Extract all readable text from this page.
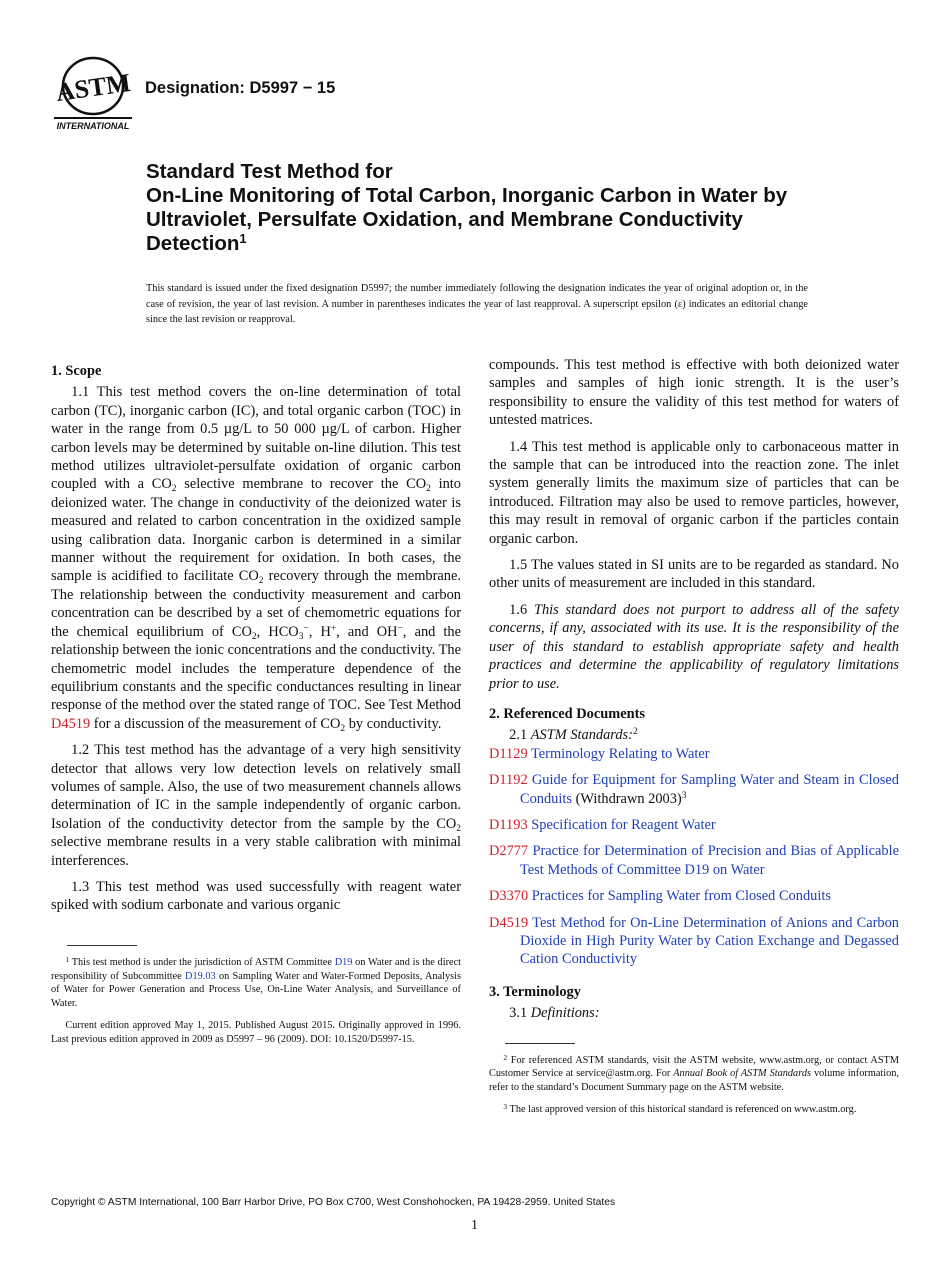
ASTM
INTERNATIONAL
Designation: D5997 − 15
Standard Test Method for
On-Line Monitoring of Total Carbon, Inorganic Carbon in Water by Ultraviolet, Persulfate Oxidation, and Membrane Conductivity Detection$^1$
This standard is issued under the fixed designation D5997; the number immediately following the designation indicates the year of original adoption or, in the case of revision, the year of last revision. A number in parentheses indicates the year of last reapproval. A superscript epsilon (ε) indicates an editorial change since the last revision or reapproval.
1. Scope

1.1 This test method covers the on-line determination of total carbon (TC), inorganic carbon (IC), and total organic carbon (TOC) in water in the range from 0.5 µg/L to 50 000 µg/L of carbon. Higher carbon levels may be determined by suitable on-line dilution. This test method utilizes ultraviolet-persulfate oxidation of organic carbon coupled with a $CO_2$ selective membrane to recover the $CO_2$ into deionized water. The change in conductivity of the deionized water is measured and related to carbon concentration in the oxidized sample using calibration data. Inorganic carbon is determined in a similar manner without the requirement for oxidation. In both cases, the sample is acidified to facilitate $CO_2$ recovery through the membrane. The relationship between the conductivity measurement and carbon concentration can be described by a set of chemometric equations for the chemical equilibrium of $CO_2$, $HCO_3^-$, H+, and OH−, and the relationship between the ionic concentrations and the conductivity. The chemometric model includes the temperature dependence of the equilibrium constants and the specific conductances resulting in linear response of the method over the stated range of TOC. See Test Method D4519 for a discussion of the measurement of $CO_2$ by conductivity.

1.2 This test method has the advantage of a very high sensitivity detector that allows very low detection levels on relatively small volumes of sample. Also, the use of two measurement channels allows determination of IC in the sample independently of organic carbon. Isolation of the conductivity detector from the sample by the $CO_2$ selective membrane results in a very stable calibration with minimal interferences.

1.3 This test method was used successfully with reagent water spiked with sodium carbonate and various organic

$^1$ This test method is under the jurisdiction of ASTM Committee D19 on Water and is the direct responsibility of Subcommittee D19.03 on Sampling Water and Water-Formed Deposits, Analysis of Water for Power Generation and Process Use, On-Line Water Analysis, and Surveillance of Water.

Current edition approved May 1, 2015. Published August 2015. Originally approved in 1996. Last previous edition approved in 2009 as D5997 – 96 (2009). DOI: 10.1520/D5997-15.

compounds. This test method is effective with both deionized water samples and samples of high ionic strength. It is the user’s responsibility to ensure the validity of this test method for waters of untested matrices.

1.4 This test method is applicable only to carbonaceous matter in the sample that can be introduced into the reaction zone. The inlet system generally limits the maximum size of particles that can be introduced. Filtration may also be used to remove particles, however, this may result in removal of organic carbon if the particles contain organic carbon.

1.5 The values stated in SI units are to be regarded as standard. No other units of measurement are included in this standard.

1.6 This standard does not purport to address all of the safety concerns, if any, associated with its use. It is the responsibility of the user of this standard to establish appropriate safety and health practices and determine the applicability of regulatory limitations prior to use.

2. Referenced Documents

2.1 ASTM Standards:$^2$

D1129 Terminology Relating to Water

D1192 Guide for Equipment for Sampling Water and Steam in Closed Conduits (Withdrawn 2003)$^3$

D1193 Specification for Reagent Water

D2777 Practice for Determination of Precision and Bias of Applicable Test Methods of Committee D19 on Water

D3370 Practices for Sampling Water from Closed Conduits

D4519 Test Method for On-Line Determination of Anions and Carbon Dioxide in High Purity Water by Cation Exchange and Degassed Cation Conductivity

3. Terminology

3.1 Definitions:

$^2$ For referenced ASTM standards, visit the ASTM website, www.astm.org, or contact ASTM Customer Service at service@astm.org. For Annual Book of ASTM Standards volume information, refer to the standard’s Document Summary page on the ASTM website.

$^3$ The last approved version of this historical standard is referenced on www.astm.org.

Copyright © ASTM International, 100 Barr Harbor Drive, PO Box C700, West Conshohocken, PA 19428-2959. United States
1
